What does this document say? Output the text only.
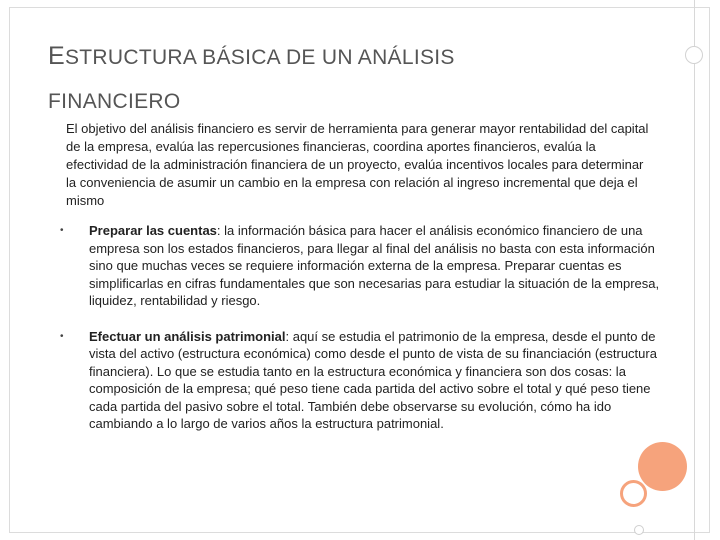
ESTRUCTURA BÁSICA DE UN ANÁLISIS
FINANCIERO
El objetivo del análisis financiero es servir de herramienta para generar mayor rentabilidad del capital de la empresa, evalúa las repercusiones financieras, coordina aportes financieros, evalúa la efectividad de la administración financiera de un proyecto, evalúa incentivos locales para determinar la conveniencia de asumir un cambio en la empresa con relación al ingreso incremental que deja el mismo
• Preparar las cuentas: la información básica para hacer el análisis económico financiero de una empresa son los estados financieros, para llegar al final del análisis no basta con esta información sino que muchas veces se requiere información externa de la empresa. Preparar cuentas es simplificarlas en cifras fundamentales que son necesarias para estudiar la situación de la empresa, liquidez, rentabilidad y riesgo.
• Efectuar un análisis patrimonial: aquí se estudia el patrimonio de la empresa, desde el punto de vista del activo (estructura económica) como desde el punto de vista de su financiación (estructura financiera). Lo que se estudia tanto en la estructura económica y financiera son dos cosas: la composición de la empresa; qué peso tiene cada partida del activo sobre el total y qué peso tiene cada partida del pasivo sobre el total. También debe observarse su evolución, cómo ha ido cambiando a lo largo de varios años la estructura patrimonial.
